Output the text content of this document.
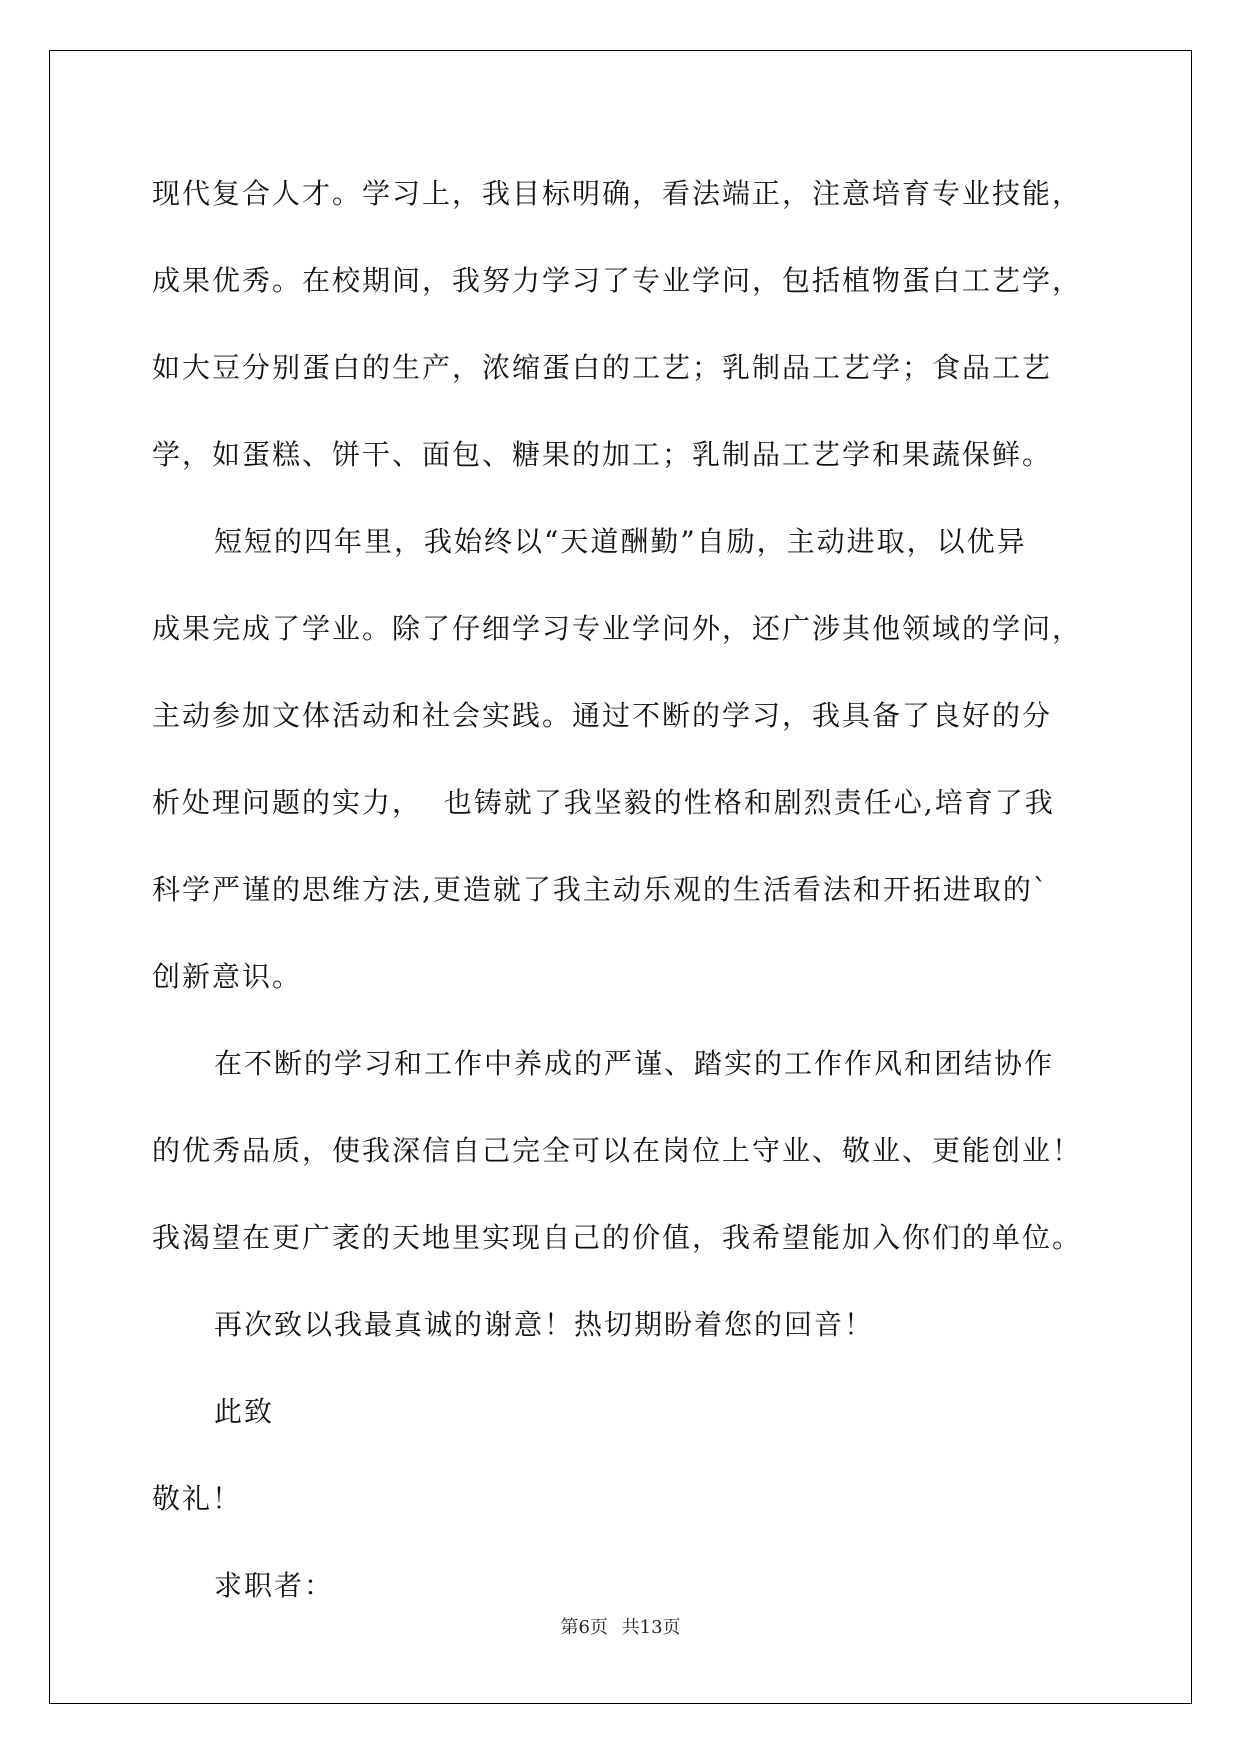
现代复合人才。学习上，我目标明确，看法端正，注意培育专业技能，
成果优秀。在校期间，我努力学习了专业学问，包括植物蛋白工艺学，
如大豆分别蛋白的生产，浓缩蛋白的工艺；乳制品工艺学；食品工艺
学，如蛋糕、饼干、面包、糖果的加工；乳制品工艺学和果蔬保鲜。
短短的四年里，我始终以“天道酬勤”自励，主动进取，以优异
成果完成了学业。除了仔细学习专业学问外，还广涉其他领域的学问，
主动参加文体活动和社会实践。通过不断的学习，我具备了良好的分
析处理问题的实力，  也铸就了我坚毅的性格和剧烈责任心,培育了我
科学严谨的思维方法,更造就了我主动乐观的生活看法和开拓进取的`
创新意识。
在不断的学习和工作中养成的严谨、踏实的工作作风和团结协作
的优秀品质，使我深信自己完全可以在岗位上守业、敬业、更能创业！
我渴望在更广袤的天地里实现自己的价值，我希望能加入你们的单位。
再次致以我最真诚的谢意！热切期盼着您的回音！
此致
敬礼！
求职者：
第6页 共13页
